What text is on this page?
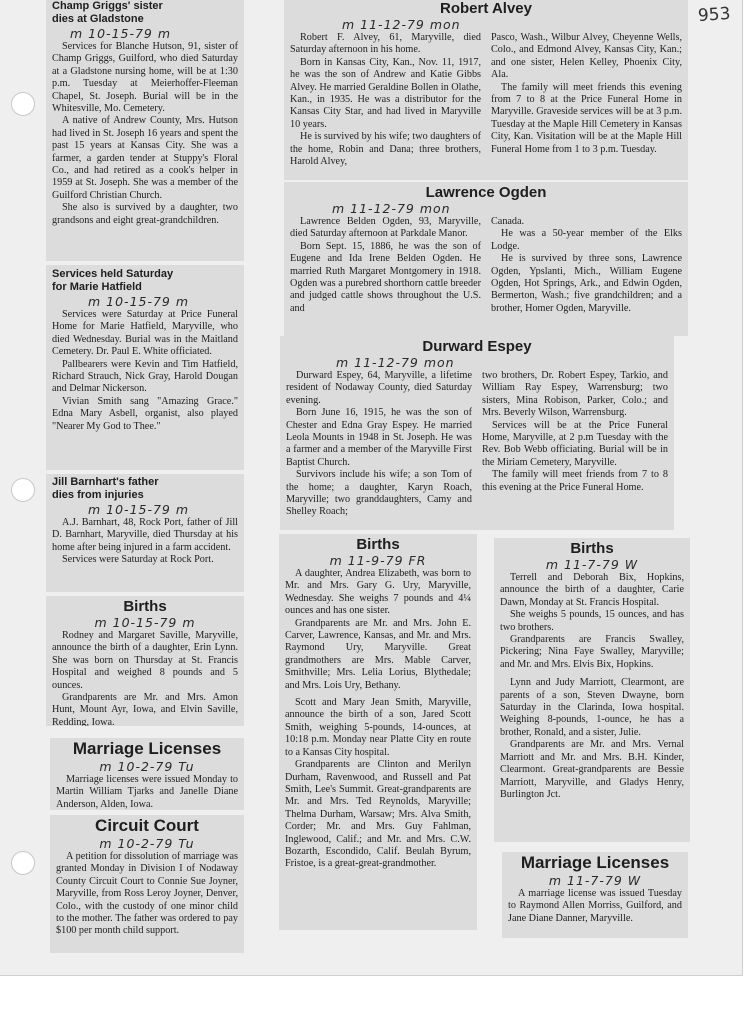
953

Champ Griggs' sister

dies at Gladstone

m 10-15-79 m

Services for Blanche Hutson, 91, sister of Champ Griggs, Guilford, who died Saturday at a Gladstone nursing home, will be at 1:30 p.m. Tuesday at Meierhoffer-Fleeman Chapel, St. Joseph. Burial will be in the Whitesville, Mo. Cemetery.

A native of Andrew County, Mrs. Hutson had lived in St. Joseph 16 years and spent the past 15 years at Kansas City. She was a farmer, a garden tender at Stuppy's Floral Co., and had retired as a cook's helper in 1959 at St. Joseph. She was a member of the Guilford Christian Church.

She also is survived by a daughter, two grandsons and eight great-grandchildren.

Services held Saturday

for Marie Hatfield

m 10-15-79 m

Services were Saturday at Price Funeral Home for Marie Hatfield, Maryville, who died Wednesday. Burial was in the Maitland Cemetery. Dr. Paul E. White officiated.

Pallbearers were Kevin and Tim Hatfield, Richard Strauch, Nick Gray, Harold Dougan and Delmar Nickerson.

Vivian Smith sang "Amazing Grace." Edna Mary Asbell, organist, also played "Nearer My God to Thee."

Jill Barnhart's father

dies from injuries

m 10-15-79 m

A.J. Barnhart, 48, Rock Port, father of Jill D. Barnhart, Maryville, died Thursday at his home after being injured in a farm accident.

Services were Saturday at Rock Port.

Births

m 10-15-79 m

Rodney and Margaret Saville, Maryville, announce the birth of a daughter, Erin Lynn. She was born on Thursday at St. Francis Hospital and weighed 8 pounds and 5 ounces.

Grandparents are Mr. and Mrs. Amon Hunt, Mount Ayr, Iowa, and Elvin Saville, Redding, Iowa.

Marriage Licenses

m 10-2-79 Tu

Marriage licenses were issued Monday to Martin William Tjarks and Janelle Diane Anderson, Alden, Iowa.

Circuit Court

m 10-2-79 Tu

A petition for dissolution of marriage was granted Monday in Division I of Nodaway County Circuit Court to Connie Sue Joyner, Maryville, from Ross Leroy Joyner, Denver, Colo., with the custody of one minor child to the mother. The father was ordered to pay $100 per month child support.

Robert Alvey

m 11-12-79 mon

Robert F. Alvey, 61, Maryville, died Saturday afternoon in his home.

Born in Kansas City, Kan., Nov. 11, 1917, he was the son of Andrew and Katie Gibbs Alvey. He married Geraldine Bollen in Olathe, Kan., in 1935. He was a distributor for the Kansas City Star, and had lived in Maryville 10 years.

He is survived by his wife; two daughters of the home, Robin and Dana; three brothers, Harold Alvey,

Pasco, Wash., Wilbur Alvey, Cheyenne Wells, Colo., and Edmond Alvey, Kansas City, Kan.; and one sister, Helen Kelley, Phoenix City, Ala.

The family will meet friends this evening from 7 to 8 at the Price Funeral Home in Maryville. Graveside services will be at 3 p.m. Tuesday at the Maple Hill Cemetery in Kansas City, Kan. Visitation will be at the Maple Hill Funeral Home from 1 to 3 p.m. Tuesday.

Lawrence Ogden

m 11-12-79 mon

Lawrence Belden Ogden, 93, Maryville, died Saturday afternoon at Parkdale Manor.

Born Sept. 15, 1886, he was the son of Eugene and Ida Irene Belden Ogden. He married Ruth Margaret Montgomery in 1918. Ogden was a purebred shorthorn cattle breeder and judged cattle shows throughout the U.S. and

Canada.

He was a 50-year member of the Elks Lodge.

He is survived by three sons, Lawrence Ogden, Ypslanti, Mich., William Eugene Ogden, Hot Springs, Ark., and Edwin Ogden, Bermerton, Wash.; five grandchildren; and a brother, Homer Ogden, Maryville.

Durward Espey

m 11-12-79 mon

Durward Espey, 64, Maryville, a lifetime resident of Nodaway County, died Saturday evening.

Born June 16, 1915, he was the son of Chester and Edna Gray Espey. He married Leola Mounts in 1948 in St. Joseph. He was a farmer and a member of the Maryville First Baptist Church.

Survivors include his wife; a son Tom of the home; a daughter, Karyn Roach, Maryville; two granddaughters, Camy and Shelley Roach;

two brothers, Dr. Robert Espey, Tarkio, and William Ray Espey, Warrensburg; two sisters, Mina Robison, Parker, Colo.; and Mrs. Beverly Wilson, Warrensburg.

Services will be at the Price Funeral Home, Maryville, at 2 p.m Tuesday with the Rev. Bob Webb officiating. Burial will be in the Miriam Cemetery, Maryville.

The family will meet friends from 7 to 8 this evening at the Price Funeral Home.

Births

m 11-9-79 FR

A daughter, Andrea Elizabeth, was born to Mr. and Mrs. Gary G. Ury, Maryville, Wednesday. She weighs 7 pounds and 4¼ ounces and has one sister.

Grandparents are Mr. and Mrs. John E. Carver, Lawrence, Kansas, and Mr. and Mrs. Raymond Ury, Maryville. Great grandmothers are Mrs. Mable Carver, Smithville; Mrs. Lelia Lorius, Blythedale; and Mrs. Lois Ury, Bethany.

Scott and Mary Jean Smith, Maryville, announce the birth of a son, Jared Scott Smith, weighing 5-pounds, 14-ounces, at 10:18 p.m. Monday near Platte City en route to a Kansas City hospital.

Grandparents are Clinton and Merilyn Durham, Ravenwood, and Russell and Pat Smith, Lee's Summit. Great-grandparents are Mr. and Mrs. Ted Reynolds, Maryville; Thelma Durham, Warsaw; Mrs. Alva Smith, Corder; Mr. and Mrs. Guy Fahlman, Inglewood, Calif.; and Mr. and Mrs. C.W. Bozarth, Escondido, Calif. Beulah Byrum, Fristoe, is a great-great-grandmother.

Births

m 11-7-79 W

Terrell and Deborah Bix, Hopkins, announce the birth of a daughter, Carie Dawn, Monday at St. Francis Hospital.

She weighs 5 pounds, 15 ounces, and has two brothers.

Grandparents are Francis Swalley, Pickering; Nina Faye Swalley, Maryville; and Mr. and Mrs. Elvis Bix, Hopkins.

Lynn and Judy Marriott, Clearmont, are parents of a son, Steven Dwayne, born Saturday in the Clarinda, Iowa hospital. Weighing 8-pounds, 1-ounce, he has a brother, Ronald, and a sister, Julie.

Grandparents are Mr. and Mrs. Vernal Marriott and Mr. and Mrs. B.H. Kinder, Clearmont. Great-grandparents are Bessie Marriott, Maryville, and Gladys Henry, Burlington Jct.

Marriage Licenses

m 11-7-79 W

A marriage license was issued Tuesday to Raymond Allen Morriss, Guilford, and Jane Diane Danner, Maryville.
